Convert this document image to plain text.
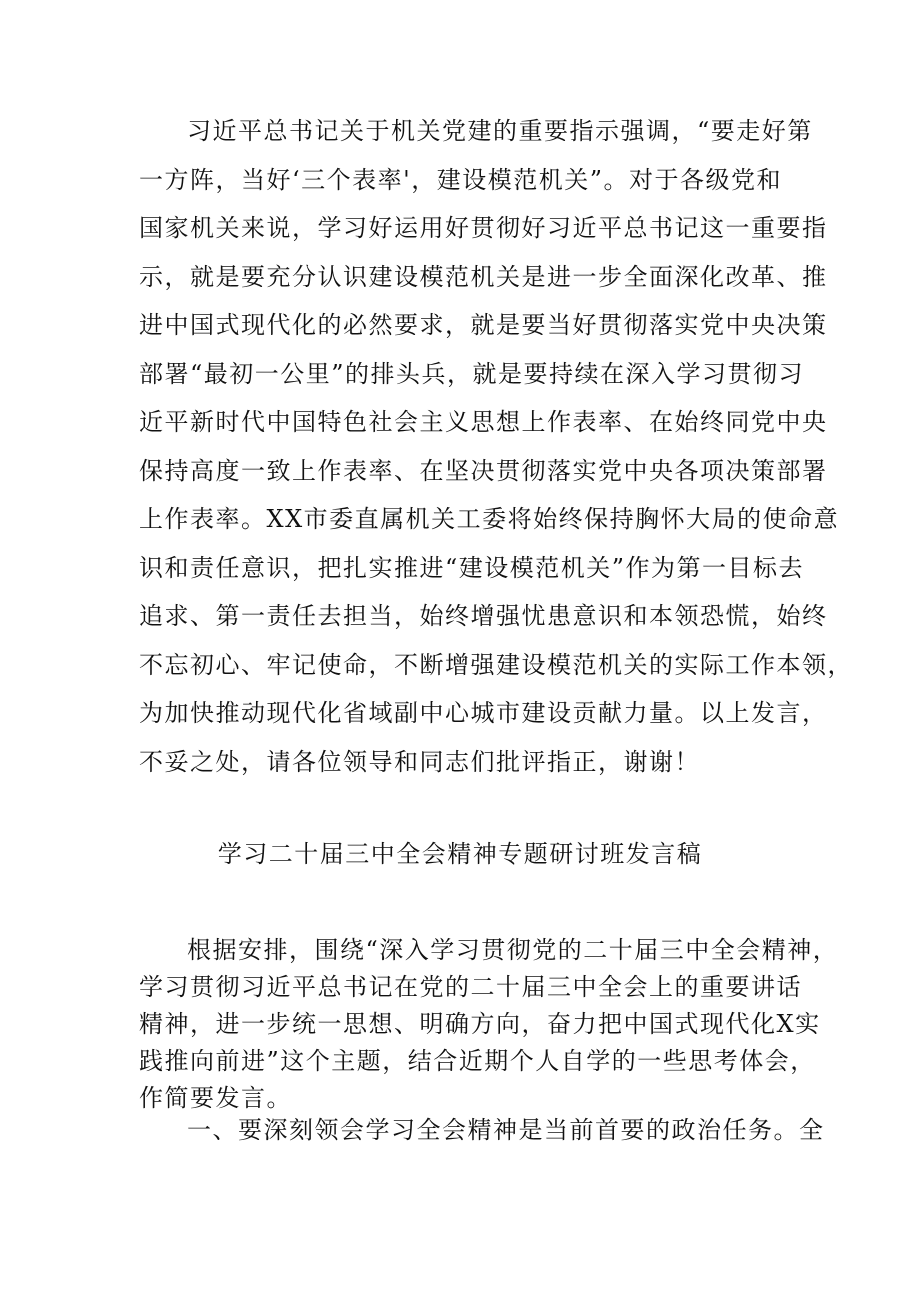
习近平总书记关于机关党建的重要指示强调，“要走好第
一方阵，当好‘三个表率'，建设模范机关”。对于各级党和
国家机关来说，学习好运用好贯彻好习近平总书记这一重要指
示，就是要充分认识建设模范机关是进一步全面深化改革、推
进中国式现代化的必然要求，就是要当好贯彻落实党中央决策
部署“最初一公里”的排头兵，就是要持续在深入学习贯彻习
近平新时代中国特色社会主义思想上作表率、在始终同党中央
保持高度一致上作表率、在坚决贯彻落实党中央各项决策部署
上作表率。XX市委直属机关工委将始终保持胸怀大局的使命意
识和责任意识，把扎实推进“建设模范机关”作为第一目标去
追求、第一责任去担当，始终增强忧患意识和本领恐慌，始终
不忘初心、牢记使命，不断增强建设模范机关的实际工作本领，
为加快推动现代化省域副中心城市建设贡献力量。以上发言，
不妥之处，请各位领导和同志们批评指正，谢谢！
学习二十届三中全会精神专题研讨班发言稿
根据安排，围绕“深入学习贯彻党的二十届三中全会精神，
学习贯彻习近平总书记在党的二十届三中全会上的重要讲话
精神，进一步统一思想、明确方向，奋力把中国式现代化X实
践推向前进”这个主题，结合近期个人自学的一些思考体会，
作简要发言。
一、要深刻领会学习全会精神是当前首要的政治任务。全
